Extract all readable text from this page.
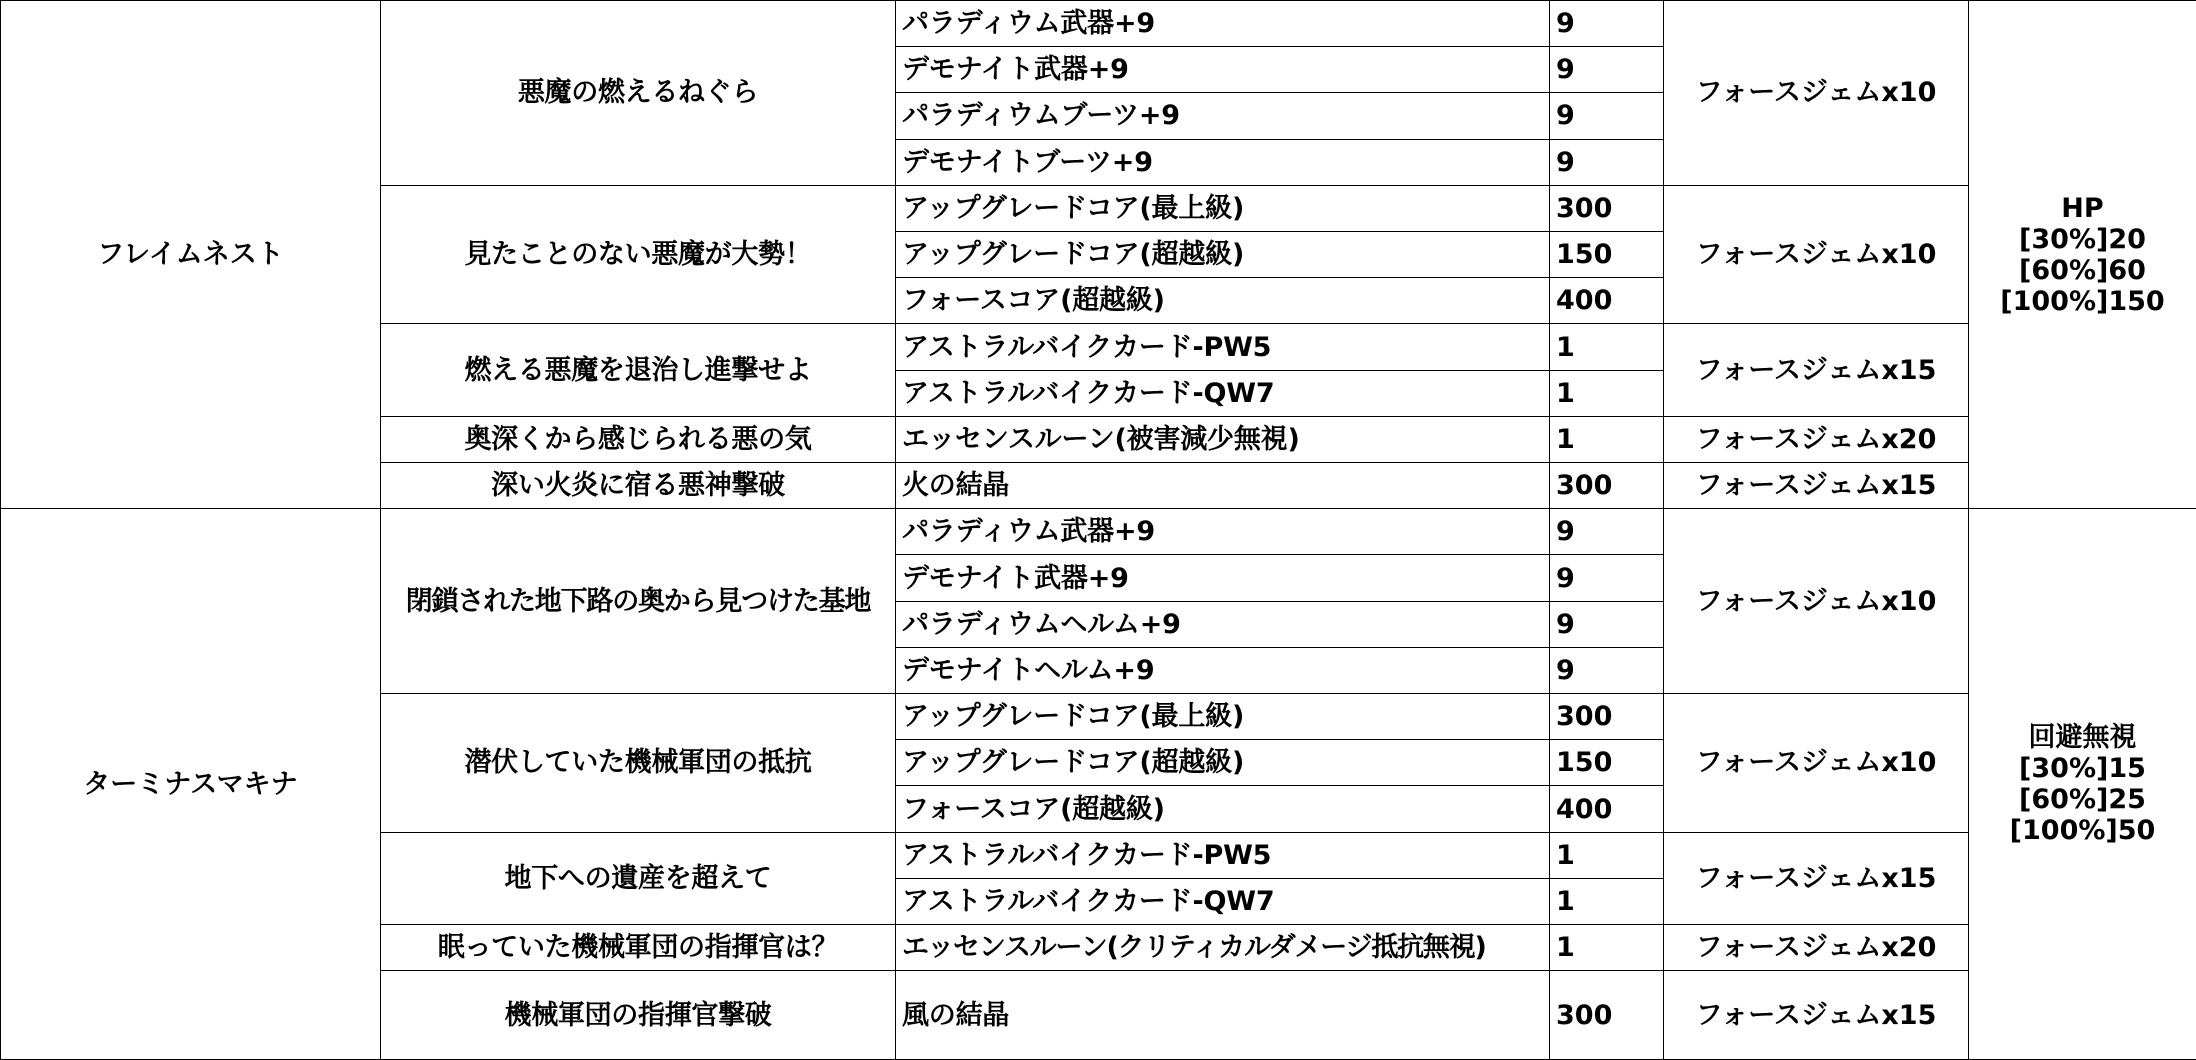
フレイムネスト	悪魔の燃えるねぐら	パラディウム武器+9	9	フォースジェムx10	HP
[30%]20
[60%]60
[100%]150

		デモナイト武器+9	9		
		パラディウムブーツ+9	9		
		デモナイトブーツ+9	9		
	見たことのない悪魔が大勢！	アップグレードコア(最上級)	300	フォースジェムx10	
		アップグレードコア(超越級)	150		
		フォースコア(超越級)	400		
	燃える悪魔を退治し進撃せよ	アストラルバイクカード-PW5	1	フォースジェムx15	
		アストラルバイクカード-QW7	1		
	奥深くから感じられる悪の気	エッセンスルーン(被害減少無視)	1	フォースジェムx20	
	深い火炎に宿る悪神撃破	火の結晶	300	フォースジェムx15	
ターミナスマキナ	閉鎖された地下路の奥から見つけた基地	パラディウム武器+9	9	フォースジェムx10	回避無視
[30%]15
[60%]25
[100%]50

		デモナイト武器+9	9		
		パラディウムヘルム+9	9		
		デモナイトヘルム+9	9		
	潜伏していた機械軍団の抵抗	アップグレードコア(最上級)	300	フォースジェムx10	
		アップグレードコア(超越級)	150		
		フォースコア(超越級)	400		
	地下への遺産を超えて	アストラルバイクカード-PW5	1	フォースジェムx15	
		アストラルバイクカード-QW7	1		
	眠っていた機械軍団の指揮官は？	エッセンスルーン(クリティカルダメージ抵抗無視)	1	フォースジェムx20	
	機械軍団の指揮官撃破	風の結晶	300	フォースジェムx15	
